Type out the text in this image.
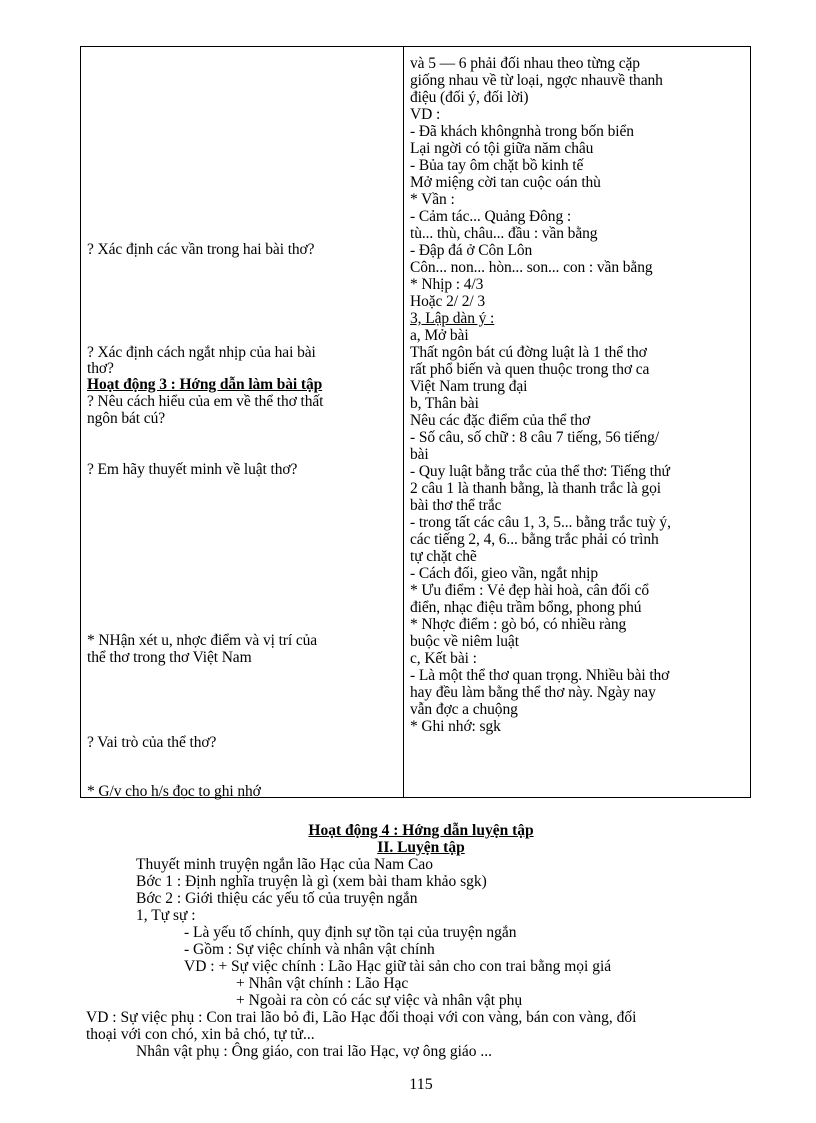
? Xác định các vần trong hai bài thơ?
? Xác định cách ngắt nhịp của hai bài
thơ?
Hoạt động 3 : Hớng dẫn làm bài tập
? Nêu cách hiểu của em về thể thơ thất
ngôn bát cú?
? Em hãy thuyết minh về luật thơ?
* NHận xét u, nhợc điểm và vị trí của
thể thơ trong thơ Việt Nam
? Vai trò của thể thơ?
* G/v cho h/s đọc to ghi nhớ

và 5 — 6 phải đối nhau theo từng cặp
giống nhau về từ loại, ngợc nhauvề thanh
điệu (đối ý, đối lời)
VD :
- Đã khách khôngnhà trong bốn biển
Lại ngời có tội giữa năm châu
- Bủa tay ôm chặt bồ kinh tế
Mở miệng cời tan cuộc oán thù
* Vần :
- Cảm tác... Quảng Đông :
tù... thù, châu... đầu : vần bằng
- Đập đá ở Côn Lôn
Côn... non... hòn... son... con : vần bằng
* Nhịp : 4/3
Hoặc 2/ 2/ 3
3, Lập dàn ý :
a, Mở bài
Thất ngôn bát cú đờng luật là 1 thể thơ
rất phổ biến và quen thuộc trong thơ ca
Việt Nam trung đại
b, Thân bài
Nêu các đặc điểm của thể thơ
- Số câu, số chữ : 8 câu 7 tiếng, 56 tiếng/
bài
- Quy luật bằng trắc của thể thơ: Tiếng thứ
2 câu 1 là thanh bằng, là thanh trắc là gọi
bài thơ thể trắc
- trong tất các câu 1, 3, 5... bằng trắc tuỳ ý,
các tiếng 2, 4, 6... bằng trắc phải có trình
tự chặt chẽ
- Cách đối, gieo vần, ngắt nhịp
* Ưu điểm : Vẻ đẹp hài hoà, cân đối cổ
điển, nhạc điệu trầm bổng, phong phú
* Nhợc điểm : gò bó, có nhiều ràng
buộc về niêm luật
c, Kết bài :
- Là một thể thơ quan trọng. Nhiều bài thơ
hay đều làm bằng thể thơ này. Ngày nay
vẫn đợc a chuộng
* Ghi nhớ: sgk
Hoạt động 4 : Hớng dẫn luyện tập
II. Luyện tập
Thuyết minh truyện ngắn lão Hạc của Nam Cao
Bớc 1 : Định nghĩa truyện là gì (xem bài tham khảo sgk)
Bớc 2 : Giới thiệu các yếu tố của truyện ngắn
1, Tự sự :
- Là yếu tố chính, quy định sự tồn tại của truyện ngắn
- Gồm : Sự việc chính và nhân vật chính
VD : + Sự việc chính : Lão Hạc giữ tài sản cho con trai bằng mọi giá
+ Nhân vật chính : Lão Hạc
+ Ngoài ra còn có các sự việc và nhân vật phụ
VD : Sự việc phụ : Con trai lão bỏ đi, Lão Hạc đối thoại với con vàng, bán con vàng, đối
thoại với con chó, xin bả chó, tự tử...
Nhân vật phụ : Ông giáo, con trai lão Hạc, vợ ông giáo ...
115
